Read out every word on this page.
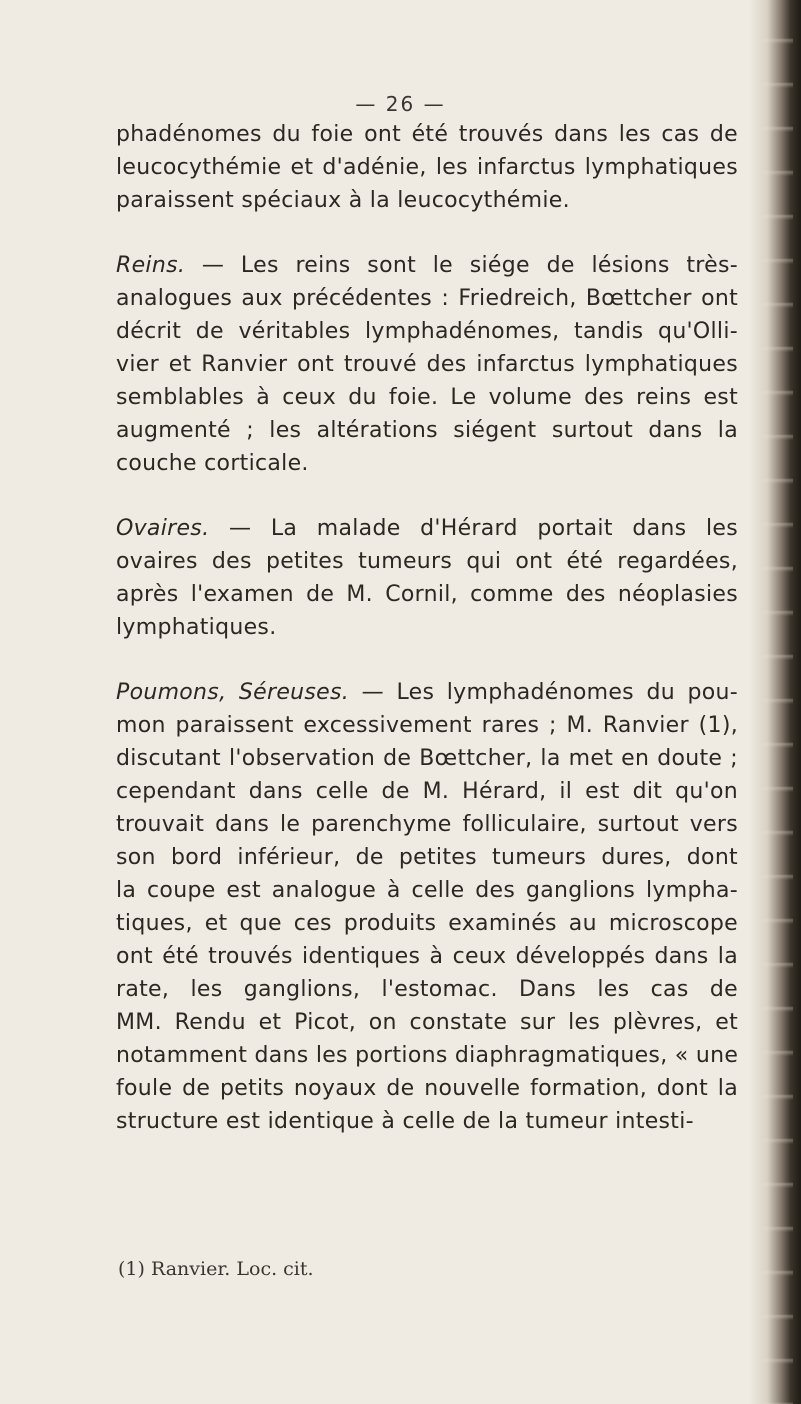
— 26 —
phadénomes du foie ont été trouvés dans les cas de
leucocythémie et d'adénie, les infarctus lymphatiques
paraissent spéciaux à la leucocythémie.
Reins. — Les reins sont le siége de lésions très-
analogues aux précédentes : Friedreich, Bœttcher ont
décrit de véritables lymphadénomes, tandis qu'Olli-
vier et Ranvier ont trouvé des infarctus lymphatiques
semblables à ceux du foie. Le volume des reins est
augmenté ; les altérations siégent surtout dans la
couche corticale.
Ovaires. — La malade d'Hérard portait dans les
ovaires des petites tumeurs qui ont été regardées,
après l'examen de M. Cornil, comme des néoplasies
lymphatiques.
Poumons, Séreuses. — Les lymphadénomes du pou-
mon paraissent excessivement rares ; M. Ranvier (1),
discutant l'observation de Bœttcher, la met en doute ;
cependant dans celle de M. Hérard, il est dit qu'on
trouvait dans le parenchyme folliculaire, surtout vers
son bord inférieur, de petites tumeurs dures, dont
la coupe est analogue à celle des ganglions lympha-
tiques, et que ces produits examinés au microscope
ont été trouvés identiques à ceux développés dans la
rate, les ganglions, l'estomac. Dans les cas de
MM. Rendu et Picot, on constate sur les plèvres, et
notamment dans les portions diaphragmatiques, « une
foule de petits noyaux de nouvelle formation, dont la
structure est identique à celle de la tumeur intesti-
(1) Ranvier. Loc. cit.
